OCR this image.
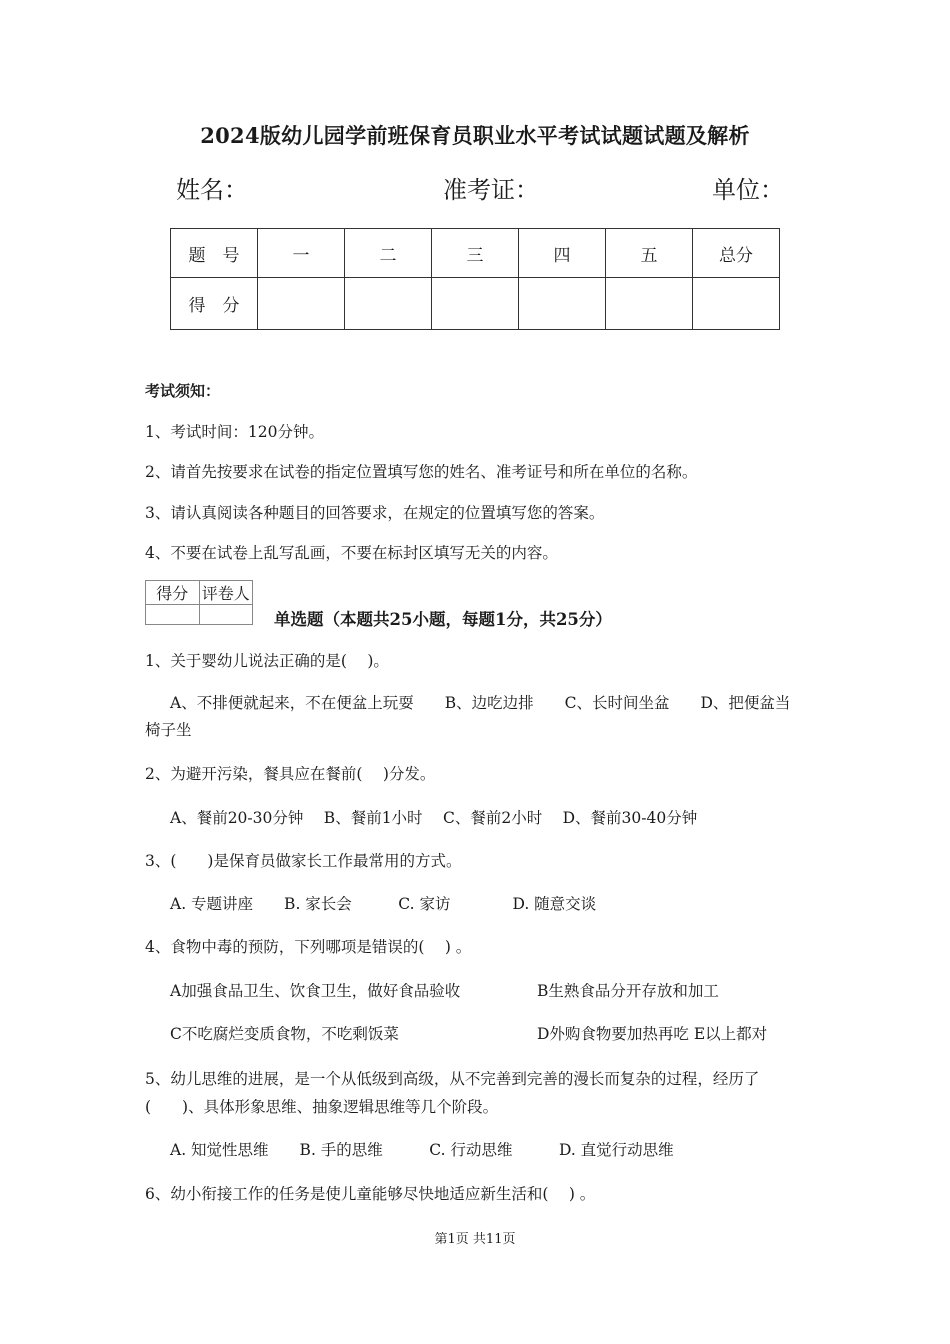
2024版幼儿园学前班保育员职业水平考试试题试题及解析
姓名：	准考证：	单位：
题　号	一	二	三	四	五	总分
得　分						
考试须知：
1、考试时间：120分钟。
2、请首先按要求在试卷的指定位置填写您的姓名、准考证号和所在单位的名称。
3、请认真阅读各种题目的回答要求，在规定的位置填写您的答案。
4、不要在试卷上乱写乱画，不要在标封区填写无关的内容。
得分	评卷人

单选题（本题共25小题，每题1分，共25分）
1、关于婴幼儿说法正确的是(　 )。
A、不排便就起来，不在便盆上玩耍　　B、边吃边排　　C、长时间坐盆　　D、把便盆当
椅子坐
2、为避开污染，餐具应在餐前(　 )分发。
A、餐前20-30分钟　 B、餐前1小时　 C、餐前2小时　 D、餐前30-40分钟
3、(　　)是保育员做家长工作最常用的方式。
A. 专题讲座　　B. 家长会　　　C. 家访　　　　D. 随意交谈
4、食物中毒的预防，下列哪项是错误的(　 ) 。
A加强食品卫生、饮食卫生，做好食品验收	B生熟食品分开存放和加工
C不吃腐烂变质食物，不吃剩饭菜	D外购食物要加热再吃 E以上都对
5、幼儿思维的进展，是一个从低级到高级，从不完善到完善的漫长而复杂的过程，经历了
(　　)、具体形象思维、抽象逻辑思维等几个阶段。
A. 知觉性思维　　B. 手的思维　　　C. 行动思维　　　D. 直觉行动思维
6、幼小衔接工作的任务是使儿童能够尽快地适应新生活和(　 ) 。
第1页 共11页
